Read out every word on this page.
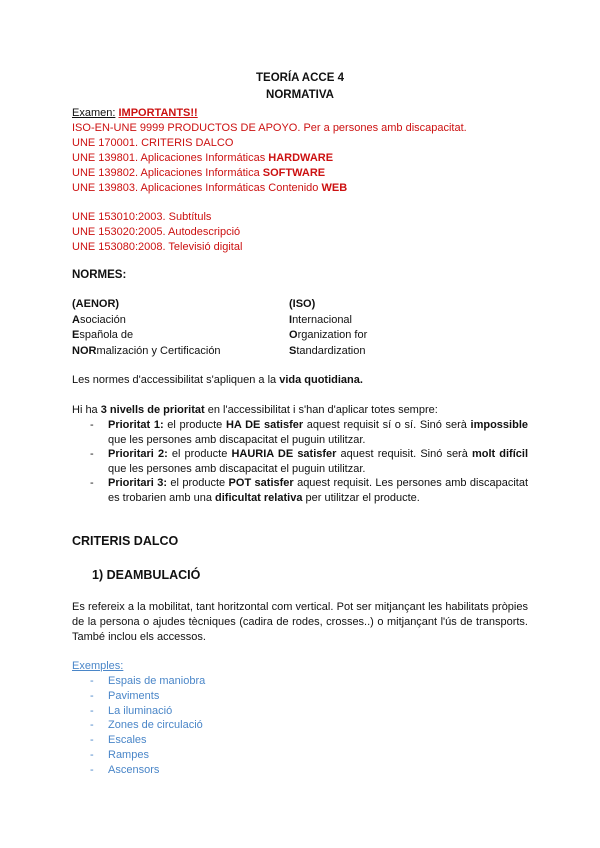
TEORÍA ACCE 4
NORMATIVA
Examen: IMPORTANTS!!
ISO-EN-UNE 9999 PRODUCTOS DE APOYO. Per a persones amb discapacitat.
UNE 170001. CRITERIS DALCO
UNE 139801. Aplicaciones Informáticas HARDWARE
UNE 139802. Aplicaciones Informática SOFTWARE
UNE 139803. Aplicaciones Informáticas Contenido WEB
UNE 153010:2003. Subtítuls
UNE 153020:2005. Autodescripció
UNE 153080:2008. Televisió digital
NORMES:
(AENOR)
Asociación
Española de
NORmalización y Certificación
(ISO)
Internacional
Organization for
Standardization
Les normes d'accessibilitat s'apliquen a la vida quotidiana.
Hi ha 3 nivells de prioritat en l'accessibilitat i s'han d'aplicar totes sempre:
- Prioritat 1: el producte HA DE satisfer aquest requisit sí o sí. Sinó serà impossible que les persones amb discapacitat el puguin utilitzar.
- Prioritari 2: el producte HAURIA DE satisfer aquest requisit. Sinó serà molt difícil que les persones amb discapacitat el puguin utilitzar.
- Prioritari 3: el producte POT satisfer aquest requisit. Les persones amb discapacitat es trobarien amb una dificultat relativa per utilitzar el producte.
CRITERIS DALCO
1) DEAMBULACIÓ
Es refereix a la mobilitat, tant horitzontal com vertical. Pot ser mitjançant les habilitats pròpies de la persona o ajudes tècniques (cadira de rodes, crosses..) o mitjançant l'ús de transports. També inclou els accessos.
Exemples:
- Espais de maniobra
- Paviments
- La iluminació
- Zones de circulació
- Escales
- Rampes
- Ascensors
